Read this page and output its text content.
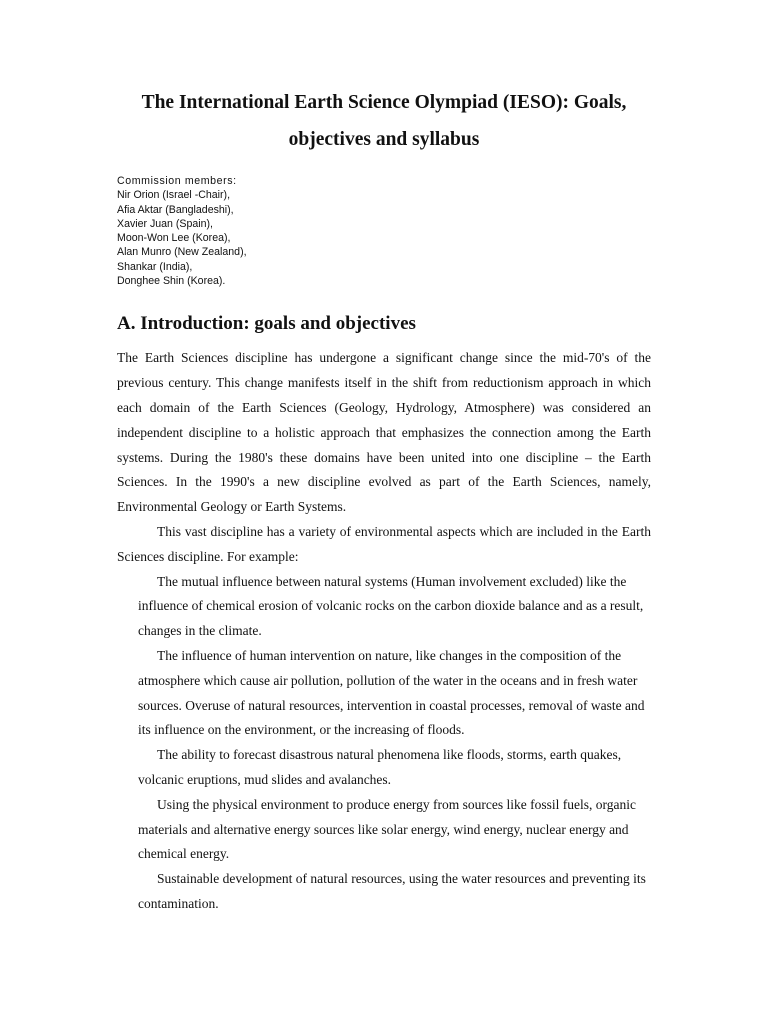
The International Earth Science Olympiad (IESO): Goals, objectives and syllabus
Commission members:
Nir Orion (Israel -Chair),
Afia Aktar (Bangladeshi),
Xavier Juan (Spain),
Moon-Won Lee (Korea),
Alan Munro (New Zealand),
Shankar (India),
Donghee Shin (Korea).
A. Introduction: goals and objectives

The Earth Sciences discipline has undergone a significant change since the mid-70's of the previous century. This change manifests itself in the shift from reductionism approach in which each domain of the Earth Sciences (Geology, Hydrology, Atmosphere) was considered an independent discipline to a holistic approach that emphasizes the connection among the Earth systems. During the 1980's these domains have been united into one discipline – the Earth Sciences. In the 1990's a new discipline evolved as part of the Earth Sciences, namely, Environmental Geology or Earth Systems.

This vast discipline has a variety of environmental aspects which are included in the Earth Sciences discipline. For example:

The mutual influence between natural systems (Human involvement excluded) like the influence of chemical erosion of volcanic rocks on the carbon dioxide balance and as a result, changes in the climate.

The influence of human intervention on nature, like changes in the composition of the atmosphere which cause air pollution, pollution of the water in the oceans and in fresh water sources. Overuse of natural resources, intervention in coastal processes, removal of waste and its influence on the environment, or the increasing of floods.

The ability to forecast disastrous natural phenomena like floods, storms, earth quakes, volcanic eruptions, mud slides and avalanches.

Using the physical environment to produce energy from sources like fossil fuels, organic materials and alternative energy sources like solar energy, wind energy, nuclear energy and chemical energy.

Sustainable development of natural resources, using the water resources and preventing its contamination.
